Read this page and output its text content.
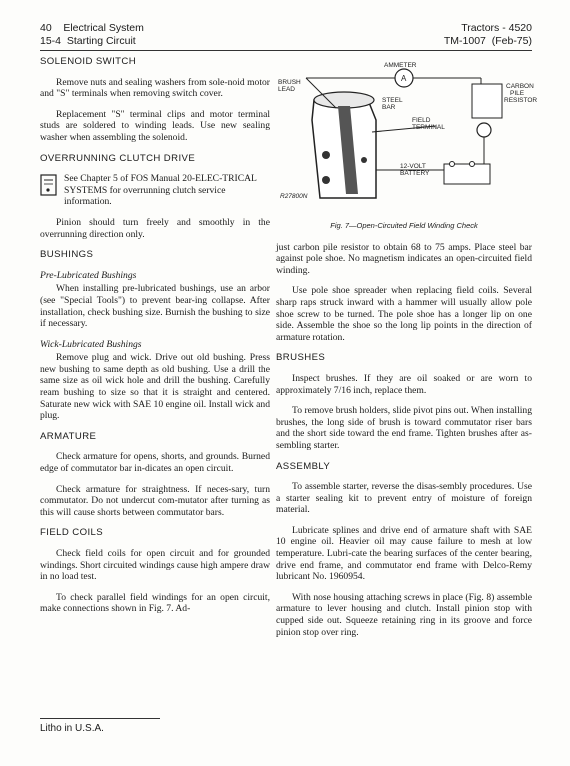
40    Electrical System
15-4  Starting Circuit
Tractors - 4520
TM-1007  (Feb-75)
SOLENOID SWITCH

Remove nuts and sealing washers from sole-noid motor and "S" terminals when removing switch cover.

Replacement "S" terminal clips and motor terminal studs are soldered to winding leads. Use new sealing washer when assembling the solenoid.

OVERRUNNING CLUTCH DRIVE
See Chapter 5 of FOS Manual 20-ELEC-TRICAL SYSTEMS for overrunning clutch service information.

Pinion should turn freely and smoothly in the overrunning direction only.

BUSHINGS
Pre-Lubricated Bushings

When installing pre-lubricated bushings, use an arbor (see "Special Tools") to prevent bear-ing collapse. After installation, check bushing size. Burnish the bushing to size if necessary.

Wick-Lubricated Bushings

Remove plug and wick. Drive out old bushing. Press new bushing to same depth as old bushing. Use a drill the same size as oil wick hole and drill the bushing. Carefully ream bushing to size so that it is straight and centered. Saturate new wick with SAE 10 engine oil. Install wick and plug.

ARMATURE

Check armature for opens, shorts, and grounds. Burned edge of commutator bar in-dicates an open circuit.

Check armature for straightness. If neces-sary, turn commutator. Do not undercut com-mutator after turning as this will cause shorts between commutator bars.

FIELD COILS

Check field coils for open circuit and for grounded windings. Short circuited windings cause high ampere draw in no load test.

To check parallel field windings for an open circuit, make connections shown in Fig. 7. Ad-

A
AMMETER
BRUSH
LEAD	CARBON
PILE
RESISTOR
STEEL
BAR
FIELD
TERMINAL
12-VOLT
BATTERY
R27800N
Fig. 7—Open-Circuited Field Winding Check

just carbon pile resistor to obtain 68 to 75 amps. Place steel bar against pole shoe. No magnetism indicates an open-circuited field winding.

Use pole shoe spreader when replacing field coils. Several sharp raps struck inward with a hammer will usually allow pole shoe screw to be turned. The pole shoe has a longer lip on one side. Assemble the shoe so the long lip points in the direction of armature rotation.

BRUSHES

Inspect brushes. If they are oil soaked or are worn to approximately 7/16 inch, replace them.

To remove brush holders, slide pivot pins out. When installing brushes, the long side of brush is toward commutator riser bars and the short side toward the end frame. Tighten brushes after as-sembling starter.

ASSEMBLY

To assemble starter, reverse the disas-sembly procedures. Use a starter sealing kit to prevent entry of moisture of foreign material.

Lubricate splines and drive end of armature shaft with SAE 10 engine oil. Heavier oil may cause failure to mesh at low temperature. Lubri-cate the bearing surfaces of the center bearing, drive end frame, and commutator end frame with Delco-Remy lubricant No. 1960954.

With nose housing attaching screws in place (Fig. 8) assemble armature to lever housing and clutch. Install pinion stop with cupped side out. Squeeze retaining ring in its groove and force pinion stop over ring.

Litho in U.S.A.
